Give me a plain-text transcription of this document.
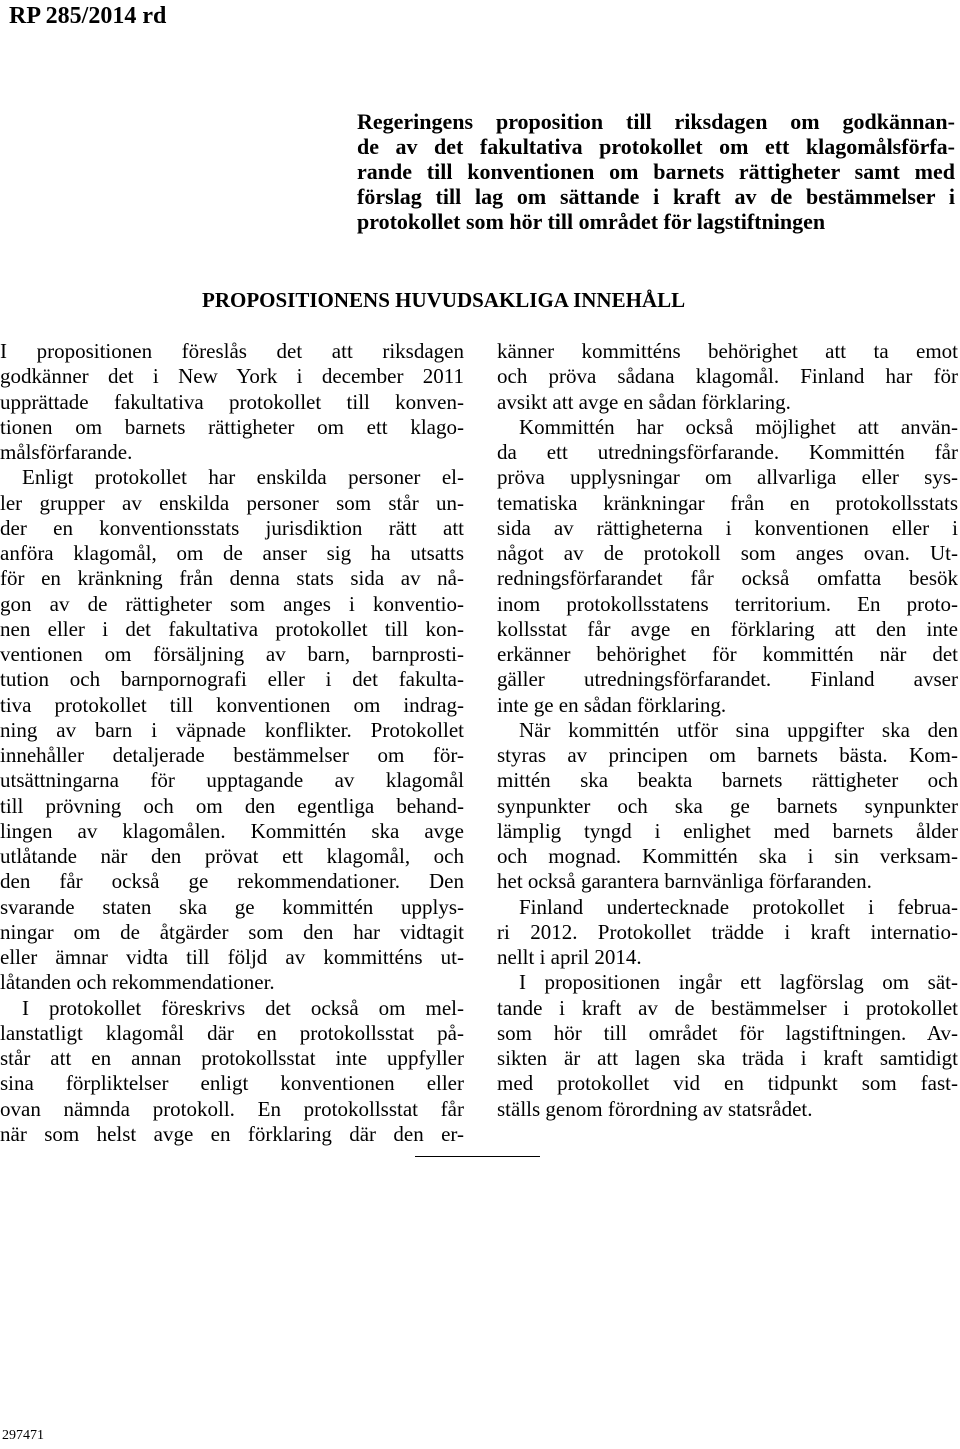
RP 285/2014 rd
Regeringens proposition till riksdagen om godkännan-
de av det fakultativa protokollet om ett klagomålsförfa-
rande till konventionen om barnets rättigheter samt med
förslag till lag om sättande i kraft av de bestämmelser i
protokollet som hör till området för lagstiftningen
PROPOSITIONENS HUVUDSAKLIGA INNEHÅLL
I propositionen föreslås det att riksdagen
godkänner det i New York i december 2011
upprättade fakultativa protokollet till konven-
tionen om barnets rättigheter om ett klago-
målsförfarande.
Enligt protokollet har enskilda personer el-
ler grupper av enskilda personer som står un-
der en konventionsstats jurisdiktion rätt att
anföra klagomål, om de anser sig ha utsatts
för en kränkning från denna stats sida av nå-
gon av de rättigheter som anges i konventio-
nen eller i det fakultativa protokollet till kon-
ventionen om försäljning av barn, barnprosti-
tution och barnpornografi eller i det fakulta-
tiva protokollet till konventionen om indrag-
ning av barn i väpnade konflikter. Protokollet
innehåller detaljerade bestämmelser om för-
utsättningarna för upptagande av klagomål
till prövning och om den egentliga behand-
lingen av klagomålen. Kommittén ska avge
utlåtande när den prövat ett klagomål, och
den får också ge rekommendationer. Den
svarande staten ska ge kommittén upplys-
ningar om de åtgärder som den har vidtagit
eller ämnar vidta till följd av kommitténs ut-
låtanden och rekommendationer.
I protokollet föreskrivs det också om mel-
lanstatligt klagomål där en protokollsstat på-
står att en annan protokollsstat inte uppfyller
sina förpliktelser enligt konventionen eller
ovan nämnda protokoll. En protokollsstat får
när som helst avge en förklaring där den er-
känner kommitténs behörighet att ta emot
och pröva sådana klagomål. Finland har för
avsikt att avge en sådan förklaring.
Kommittén har också möjlighet att använ-
da ett utredningsförfarande. Kommittén får
pröva upplysningar om allvarliga eller sys-
tematiska kränkningar från en protokollsstats
sida av rättigheterna i konventionen eller i
något av de protokoll som anges ovan. Ut-
redningsförfarandet får också omfatta besök
inom protokollsstatens territorium. En proto-
kollsstat får avge en förklaring att den inte
erkänner behörighet för kommittén när det
gäller utredningsförfarandet. Finland avser
inte ge en sådan förklaring.
När kommittén utför sina uppgifter ska den
styras av principen om barnets bästa. Kom-
mittén ska beakta barnets rättigheter och
synpunkter och ska ge barnets synpunkter
lämplig tyngd i enlighet med barnets ålder
och mognad. Kommittén ska i sin verksam-
het också garantera barnvänliga förfaranden.
Finland undertecknade protokollet i februa-
ri 2012. Protokollet trädde i kraft internatio-
nellt i april 2014.
I propositionen ingår ett lagförslag om sät-
tande i kraft av de bestämmelser i protokollet
som hör till området för lagstiftningen. Av-
sikten är att lagen ska träda i kraft samtidigt
med protokollet vid en tidpunkt som fast-
ställs genom förordning av statsrådet.
297471
